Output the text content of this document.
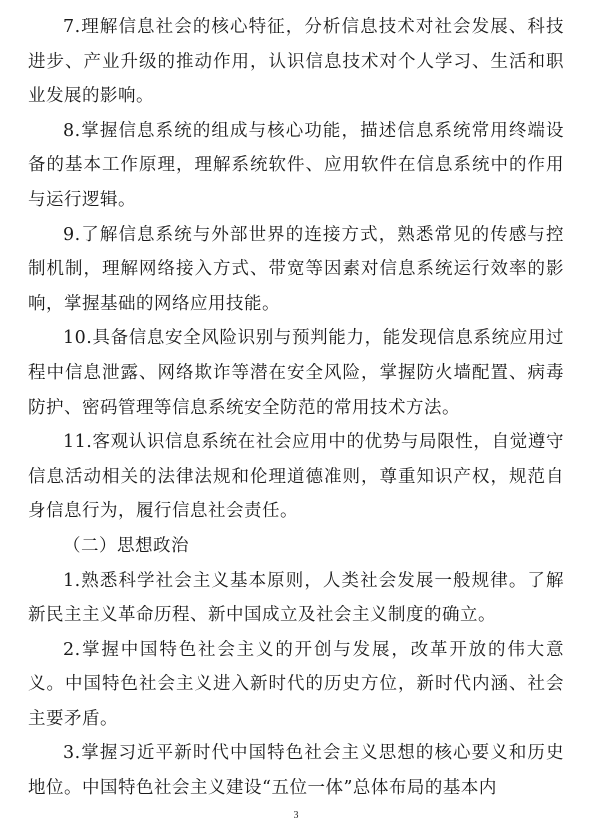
7.理解信息社会的核心特征，分析信息技术对社会发展、科技进步、产业升级的推动作用，认识信息技术对个人学习、生活和职业发展的影响。

8.掌握信息系统的组成与核心功能，描述信息系统常用终端设备的基本工作原理，理解系统软件、应用软件在信息系统中的作用与运行逻辑。

9.了解信息系统与外部世界的连接方式，熟悉常见的传感与控制机制，理解网络接入方式、带宽等因素对信息系统运行效率的影响，掌握基础的网络应用技能。

10.具备信息安全风险识别与预判能力，能发现信息系统应用过程中信息泄露、网络欺诈等潜在安全风险，掌握防火墙配置、病毒防护、密码管理等信息系统安全防范的常用技术方法。

11.客观认识信息系统在社会应用中的优势与局限性，自觉遵守信息活动相关的法律法规和伦理道德准则，尊重知识产权，规范自身信息行为，履行信息社会责任。

（二）思想政治

1.熟悉科学社会主义基本原则，人类社会发展一般规律。了解新民主主义革命历程、新中国成立及社会主义制度的确立。

2.掌握中国特色社会主义的开创与发展，改革开放的伟大意义。中国特色社会主义进入新时代的历史方位，新时代内涵、社会主要矛盾。

3.掌握习近平新时代中国特色社会主义思想的核心要义和历史地位。中国特色社会主义建设“五位一体”总体布局的基本内

3
